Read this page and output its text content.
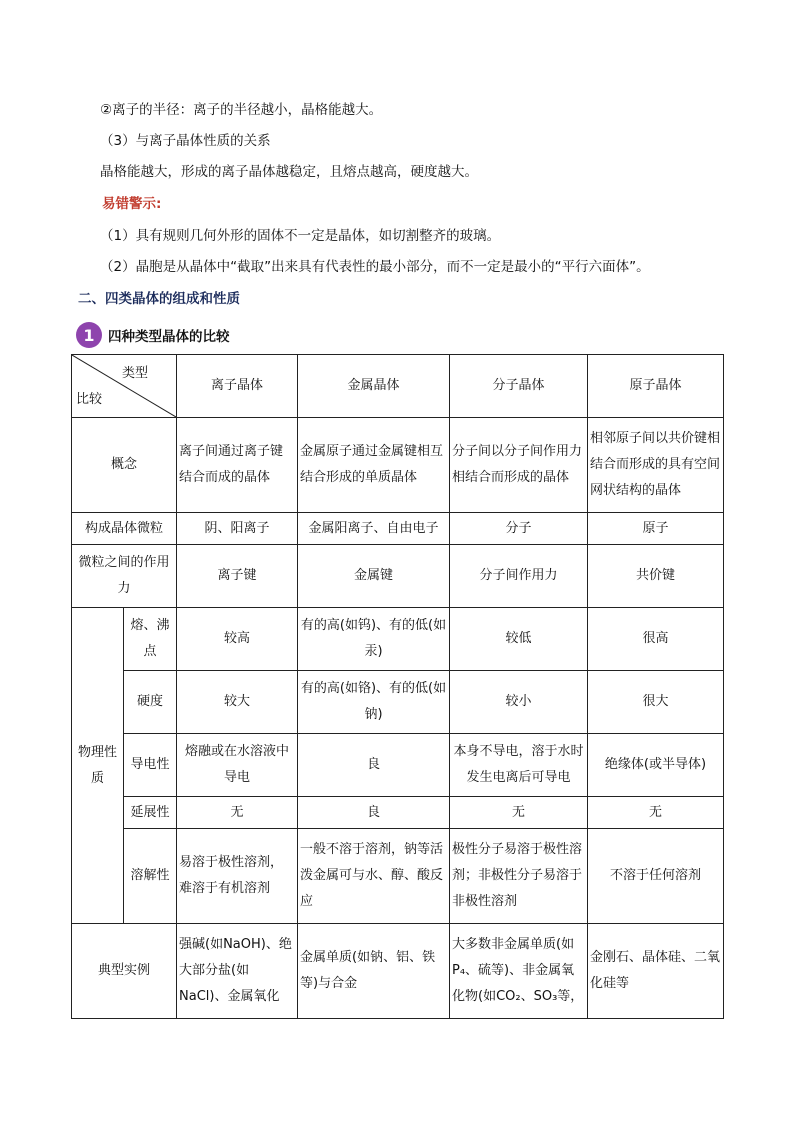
②离子的半径：离子的半径越小，晶格能越大。
（3）与离子晶体性质的关系
晶格能越大，形成的离子晶体越稳定，且熔点越高，硬度越大。
易错警示:
（1）具有规则几何外形的固体不一定是晶体，如切割整齐的玻璃。
（2）晶胞是从晶体中“截取”出来具有代表性的最小部分，而不一定是最小的“平行六面体”。
二、四类晶体的组成和性质
1 四种类型晶体的比较
类型
比较		离子晶体	金属晶体	分子晶体	原子晶体
概念		离子间通过离子键结合而成的晶体	金属原子通过金属键相互结合形成的单质晶体	分子间以分子间作用力相结合而形成的晶体	相邻原子间以共价键相结合而形成的具有空间网状结构的晶体
构成晶体微粒		阴、阳离子	金属阳离子、自由电子	分子	原子
微粒之间的作用力		离子键	金属键	分子间作用力	共价键
物理性质	熔、沸点	较高	有的高(如钨)、有的低(如汞)	较低	很高
	硬度	较大	有的高(如铬)、有的低(如钠)	较小	很大
	导电性	熔融或在水溶液中导电	良	本身不导电，溶于水时发生电离后可导电	绝缘体(或半导体)
	延展性	无	良	无	无
	溶解性	易溶于极性溶剂，难溶于有机溶剂	一般不溶于溶剂，钠等活泼金属可与水、醇、酸反应	极性分子易溶于极性溶剂；非极性分子易溶于非极性溶剂	不溶于任何溶剂
典型实例		强碱(如NaOH)、绝大部分盐(如NaCl)、金属氧化	金属单质(如钠、铝、铁等)与合金	大多数非金属单质(如P₄、硫等)、非金属氧化物(如CO₂、SO₃等，	金刚石、晶体硅、二氧化硅等
